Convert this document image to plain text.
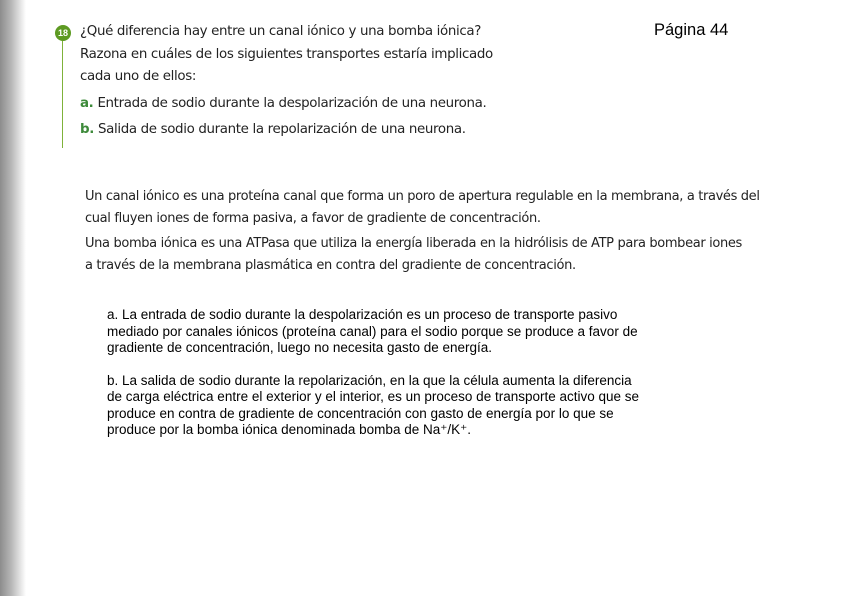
18 ¿Qué diferencia hay entre un canal iónico y una bomba iónica?
Razona en cuáles de los siguientes transportes estaría implicado
cada uno de ellos:

a. Entrada de sodio durante la despolarización de una neurona.

b. Salida de sodio durante la repolarización de una neurona.

Página 44

Un canal iónico es una proteína canal que forma un poro de apertura regulable en la membrana, a través del
cual fluyen iones de forma pasiva, a favor de gradiente de concentración.

Una bomba iónica es una ATPasa que utiliza la energía liberada en la hidrólisis de ATP para bombear iones
a través de la membrana plasmática en contra del gradiente de concentración.

a. La entrada de sodio durante la despolarización es un proceso de transporte pasivo
mediado por canales iónicos (proteína canal) para el sodio porque se produce a favor de
gradiente de concentración, luego no necesita gasto de energía.

b. La salida de sodio durante la repolarización, en la que la célula aumenta la diferencia
de carga eléctrica entre el exterior y el interior, es un proceso de transporte activo que se
produce en contra de gradiente de concentración con gasto de energía por lo que se
produce por la bomba iónica denominada bomba de Na⁺/K⁺.
